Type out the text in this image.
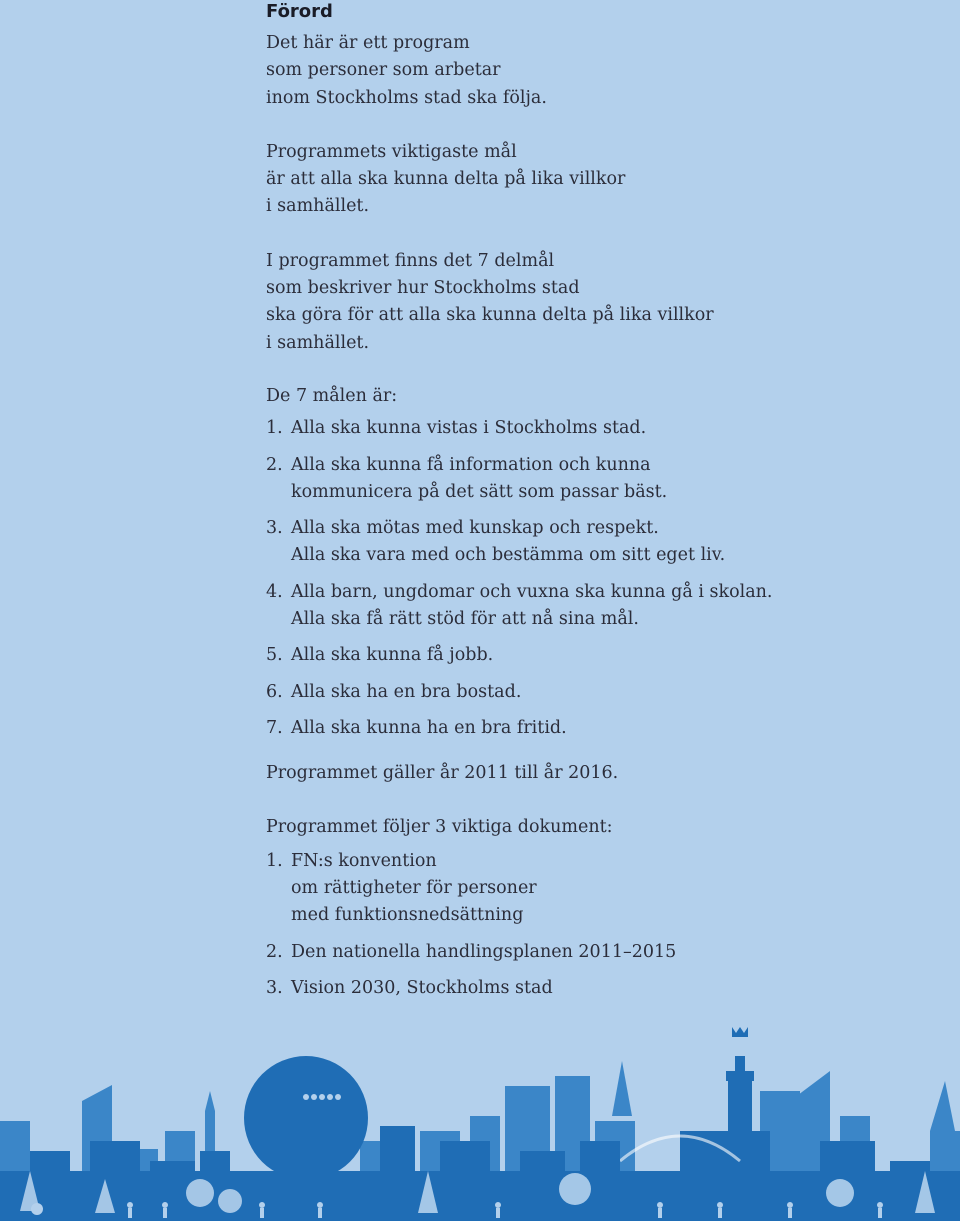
Förord

Det här är ett program
som personer som arbetar
inom Stockholms stad ska följa.

Programmets viktigaste mål
är att alla ska kunna delta på lika villkor
i samhället.

I programmet finns det 7 delmål
som beskriver hur Stockholms stad
ska göra för att alla ska kunna delta på lika villkor
i samhället.

De 7 målen är:

1. Alla ska kunna vistas i Stockholms stad.
2. Alla ska kunna få information och kunna
kommunicera på det sätt som passar bäst.
3. Alla ska mötas med kunskap och respekt.
Alla ska vara med och bestämma om sitt eget liv.
4. Alla barn, ungdomar och vuxna ska kunna gå i skolan.
Alla ska få rätt stöd för att nå sina mål.
5. Alla ska kunna få jobb.
6. Alla ska ha en bra bostad.
7. Alla ska kunna ha en bra fritid.

Programmet gäller år 2011 till år 2016.

Programmet följer 3 viktiga dokument:

1. FN:s konvention
om rättigheter för personer
med funktionsnedsättning
2. Den nationella handlingsplanen 2011–2015
3. Vision 2030, Stockholms stad
